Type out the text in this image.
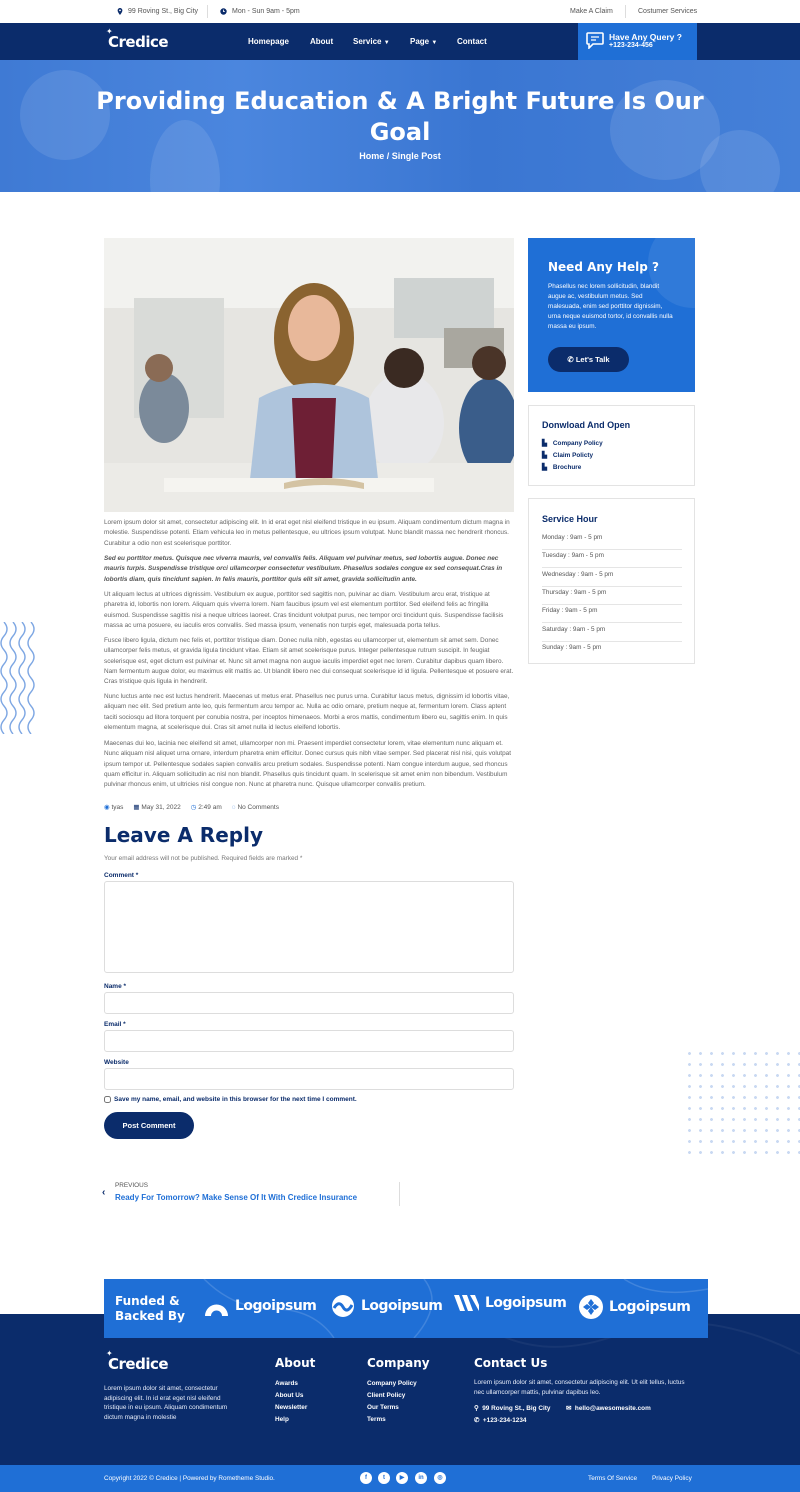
99 Roving St., Big City	Mon - Sun 9am - 5pm	Make A Claim	Costumer Services
✦
Credice	Homepage	About Service ▼	Page ▼ Contact	Have Any Query ?
+123-234-456
Providing Education & A Bright Future Is Our
Goal
Home / Single Post
Lorem ipsum dolor sit amet, consectetur adipiscing elit. In id erat eget nisl eleifend tristique in eu ipsum. Aliquam condimentum dictum magna in molestie. Suspendisse potenti. Etiam vehicula leo in metus pellentesque, eu ultrices ipsum volutpat. Nunc blandit massa nec hendrerit rhoncus. Curabitur a odio non est scelerisque porttitor.
Sed eu porttitor metus. Quisque nec viverra mauris, vel convallis felis. Aliquam vel pulvinar metus, sed lobortis augue. Donec nec mauris turpis. Suspendisse tristique orci ullamcorper consectetur vestibulum. Phasellus sodales congue ex sed consequat.Cras in lobortis diam, quis tincidunt sapien. In felis mauris, porttitor quis elit sit amet, gravida sollicitudin ante.
Ut aliquam lectus at ultrices dignissim. Vestibulum ex augue, porttitor sed sagittis non, pulvinar ac diam. Vestibulum arcu erat, tristique at pharetra id, lobortis non lorem. Aliquam quis viverra lorem. Nam faucibus ipsum vel est elementum porttitor. Sed eleifend felis ac fringilla euismod. Suspendisse sagittis nisi a neque ultrices laoreet. Cras tincidunt volutpat purus, nec tempor orci tincidunt quis. Suspendisse facilisis massa ac urna posuere, eu iaculis eros convallis. Sed massa ipsum, venenatis non turpis eget, malesuada porta tellus.
Fusce libero ligula, dictum nec felis et, porttitor tristique diam. Donec nulla nibh, egestas eu ullamcorper ut, elementum sit amet sem. Donec ullamcorper felis metus, et gravida ligula tincidunt vitae. Etiam sit amet scelerisque purus. Integer pellentesque rutrum suscipit. In feugiat scelerisque est, eget dictum est pulvinar et. Nunc sit amet magna non augue iaculis imperdiet eget nec lorem. Curabitur dapibus quam libero. Nam fermentum augue dolor, eu maximus elit mattis ac. Ut blandit libero nec dui consequat scelerisque id id ligula. Pellentesque et posuere erat. Cras tristique quis ligula in hendrerit.
Nunc luctus ante nec est luctus hendrerit. Maecenas ut metus erat. Phasellus nec purus urna. Curabitur lacus metus, dignissim id lobortis vitae, aliquam nec elit. Sed pretium ante leo, quis fermentum arcu tempor ac. Nulla ac odio ornare, pretium neque at, fermentum lorem. Class aptent taciti sociosqu ad litora torquent per conubia nostra, per inceptos himenaeos. Morbi a eros mattis, condimentum libero eu, sagittis enim. In quis elementum magna, at scelerisque dui. Cras sit amet nulla id lectus eleifend lobortis.
Maecenas dui leo, lacinia nec eleifend sit amet, ullamcorper non mi. Praesent imperdiet consectetur lorem, vitae elementum nunc aliquam et. Nunc aliquam nisl aliquet urna ornare, interdum pharetra enim efficitur. Donec cursus quis nibh vitae semper. Sed placerat nisl nisi, quis volutpat ipsum tempor ut. Pellentesque sodales sapien convallis arcu pretium sodales. Suspendisse potenti. Nam congue interdum augue, sed rhoncus quam efficitur in. Aliquam sollicitudin ac nisl non blandit. Phasellus quis tincidunt quam. In scelerisque sit amet enim non bibendum. Vestibulum pulvinar rhoncus enim, ut ultricies nisl congue non. Nunc at pharetra nunc. Quisque ullamcorper convallis pretium.
◉ tyas ▦ May 31, 2022 ◷ 2:49 am ◌ No Comments
Leave A Reply
Your email address will not be published. Required fields are marked *
Comment *
Name *
Email *
Website
Save my name, email, and website in this browser for the next time I comment.
Post Comment
‹
PREVIOUS
Ready For Tomorrow? Make Sense Of It With Credice Insurance
Need Any Help ?
Phasellus nec lorem sollicitudin, blandit augue ac, vestibulum metus. Sed malesuada, enim sed porttitor dignissim, urna neque euismod tortor, id convallis nulla massa eu ipsum.
✆ Let's Talk
Donwload And Open
▙ Company Policy
▙ Claim Policty
▙ Brochure
Service Hour
Monday : 9am - 5 pm
Tuesday : 9am - 5 pm
Wednesday : 9am - 5 pm
Thursday : 9am - 5 pm
Friday : 9am - 5 pm
Saturday : 9am - 5 pm
Sunday : 9am - 5 pm
Funded &
Backed By
Logoipsum	Logoipsum	Logoipsum	Logoipsum
✦
Credice
Lorem ipsum dolor sit amet, consectetur adipiscing elit. In id erat eget nisl eleifend tristique in eu ipsum. Aliquam condimentum dictum magna in molestie
About
Awards
About Us
Newsletter
Help
Company
Company Policy
Client Policy
Our Terms
Terms
Contact Us
Lorem ipsum dolor sit amet, consectetur adipiscing elit. Ut elit tellus, luctus nec ullamcorper mattis, pulvinar dapibus leo.
⚲ 99 Roving St., Big City ✉ hello@awesomesite.com
✆ +123-234-1234
Copyright 2022 © Credice | Powered by Rometheme Studio.	Terms Of Service Privacy Policy
f	t	▶	in	◎
